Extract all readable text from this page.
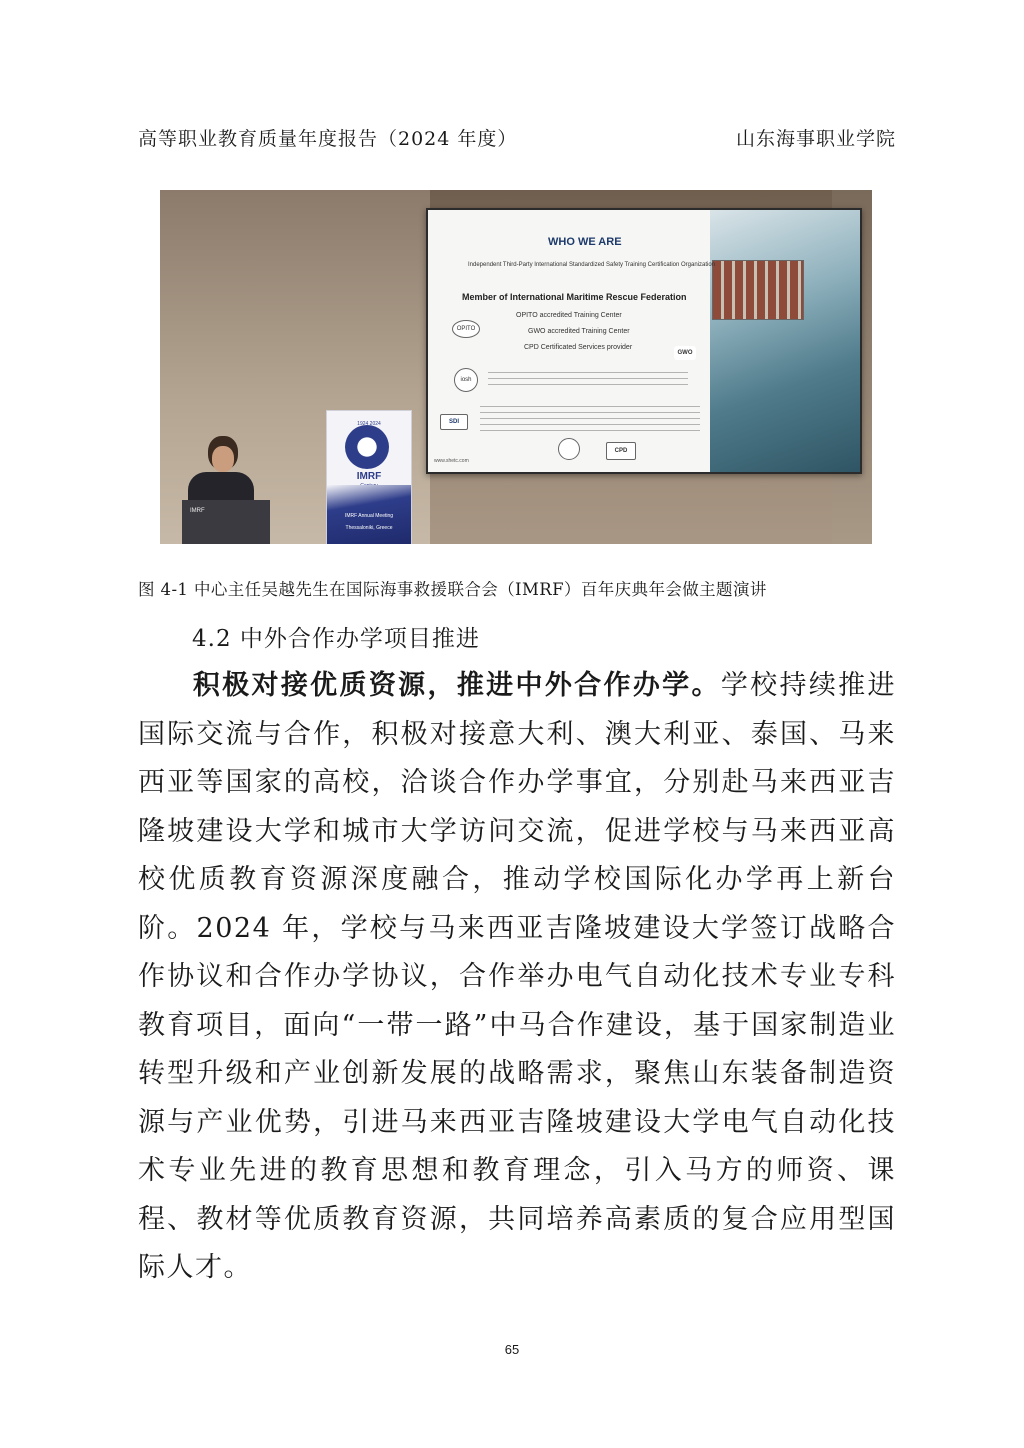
高等职业教育质量年度报告（2024 年度）	山东海事职业学院
WHO WE ARE
Independent Third-Party International Standardized Safety Training Certification Organization
Member of International Maritime Rescue Federation
OPITO accredited Training Center
GWO accredited Training Center
CPD Certificated Services provider
OPITO
GWO
iosh
SDI
CPD
www.shetc.com
1924 2024
IMRF
IMRF Annual Meeting
Thessaloniki, Greece
IMRF
图 4-1 中心主任吴越先生在国际海事救援联合会（IMRF）百年庆典年会做主题演讲
4.2 中外合作办学项目推进
积极对接优质资源，推进中外合作办学。学校持续推进国际交流与合作，积极对接意大利、澳大利亚、泰国、马来西亚等国家的高校，洽谈合作办学事宜，分别赴马来西亚吉隆坡建设大学和城市大学访问交流，促进学校与马来西亚高校优质教育资源深度融合，推动学校国际化办学再上新台阶。2024 年，学校与马来西亚吉隆坡建设大学签订战略合作协议和合作办学协议，合作举办电气自动化技术专业专科教育项目，面向“一带一路”中马合作建设，基于国家制造业转型升级和产业创新发展的战略需求，聚焦山东装备制造资源与产业优势，引进马来西亚吉隆坡建设大学电气自动化技术专业先进的教育思想和教育理念，引入马方的师资、课程、教材等优质教育资源，共同培养高素质的复合应用型国际人才。
65
